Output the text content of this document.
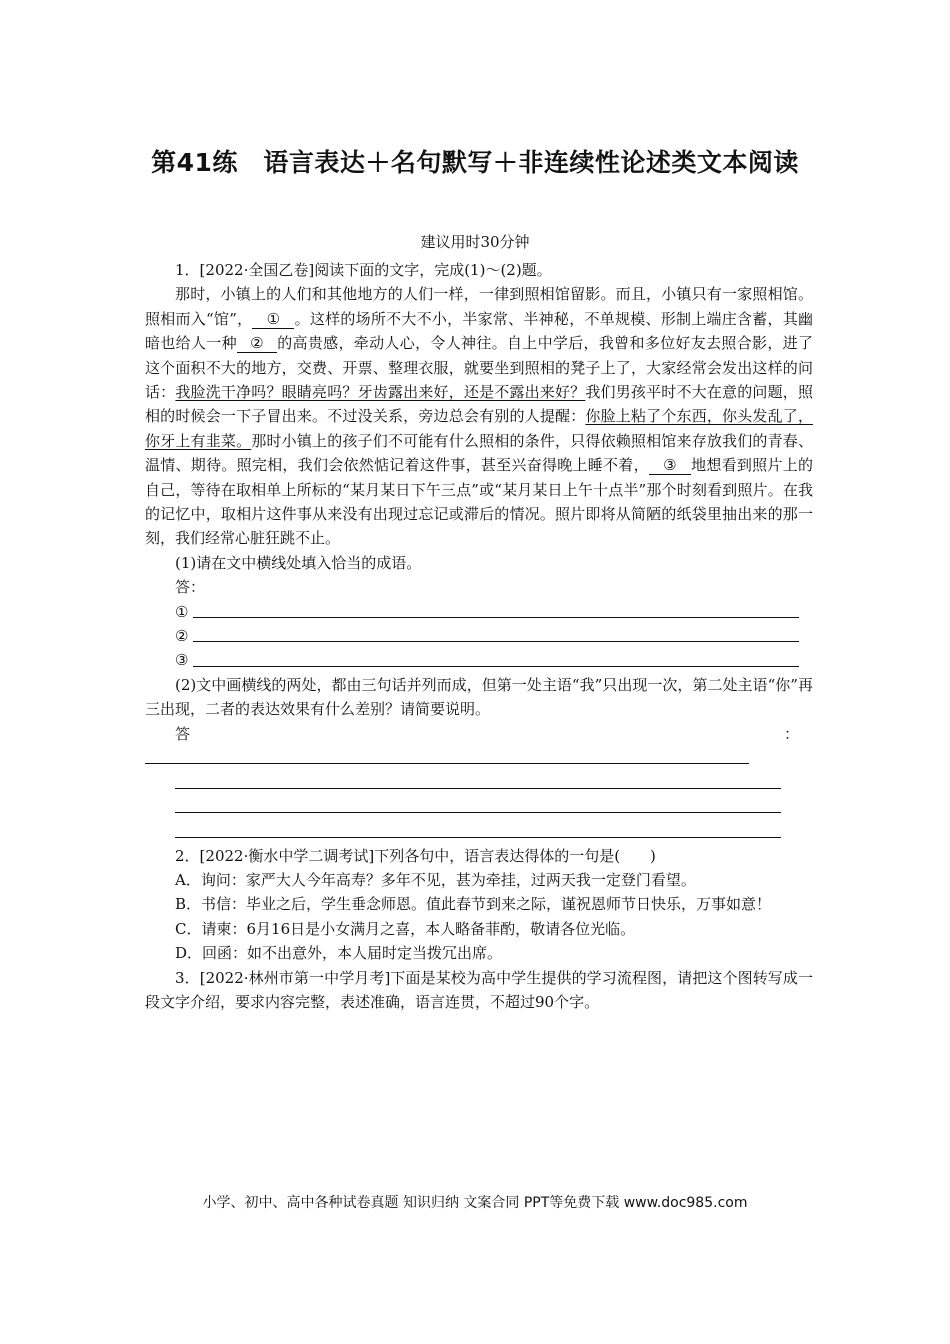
第41练　语言表达＋名句默写＋非连续性论述类文本阅读
建议用时30分钟

1．[2022·全国乙卷]阅读下面的文字，完成(1)～(2)题。

那时，小镇上的人们和其他地方的人们一样，一律到照相馆留影。而且，小镇只有一家照相馆。照相而入“馆”， ① 。这样的场所不大不小，半家常、半神秘，不单规模、形制上端庄含蓄，其幽暗也给人一种 ② 的高贵感，牵动人心，令人神往。自上中学后，我曾和多位好友去照合影，进了这个面积不大的地方，交费、开票、整理衣服，就要坐到照相的凳子上了，大家经常会发出这样的问话：我脸洗干净吗？眼睛亮吗？牙齿露出来好，还是不露出来好？我们男孩平时不大在意的问题，照相的时候会一下子冒出来。不过没关系，旁边总会有别的人提醒：你脸上粘了个东西，你头发乱了，你牙上有韭菜。那时小镇上的孩子们不可能有什么照相的条件，只得依赖照相馆来存放我们的青春、温情、期待。照完相，我们会依然惦记着这件事，甚至兴奋得晚上睡不着， ③ 地想看到照片上的自己，等待在取相单上所标的“某月某日下午三点”或“某月某日上午十点半”那个时刻看到照片。在我的记忆中，取相片这件事从来没有出现过忘记或滞后的情况。照片即将从简陋的纸袋里抽出来的那一刻，我们经常心脏狂跳不止。

(1)请在文中横线处填入恰当的成语。

答：

①
②
③

(2)文中画横线的两处，都由三句话并列而成，但第一处主语“我”只出现一次，第二处主语“你”再三出现，二者的表达效果有什么差别？请简要说明。

答	：

2．[2022·衡水中学二调考试]下列各句中，语言表达得体的一句是(　　)

A．询问：家严大人今年高寿？多年不见，甚为牵挂，过两天我一定登门看望。

B．书信：毕业之后，学生垂念师恩。值此春节到来之际，谨祝恩师节日快乐，万事如意！

C．请柬：6月16日是小女满月之喜，本人略备菲酌，敬请各位光临。

D．回函：如不出意外，本人届时定当拨冗出席。

3．[2022·林州市第一中学月考]下面是某校为高中学生提供的学习流程图，请把这个图转写成一段文字介绍，要求内容完整，表述准确，语言连贯，不超过90个字。

小学、初中、高中各种试卷真题 知识归纳 文案合同 PPT等免费下载 www.doc985.com
